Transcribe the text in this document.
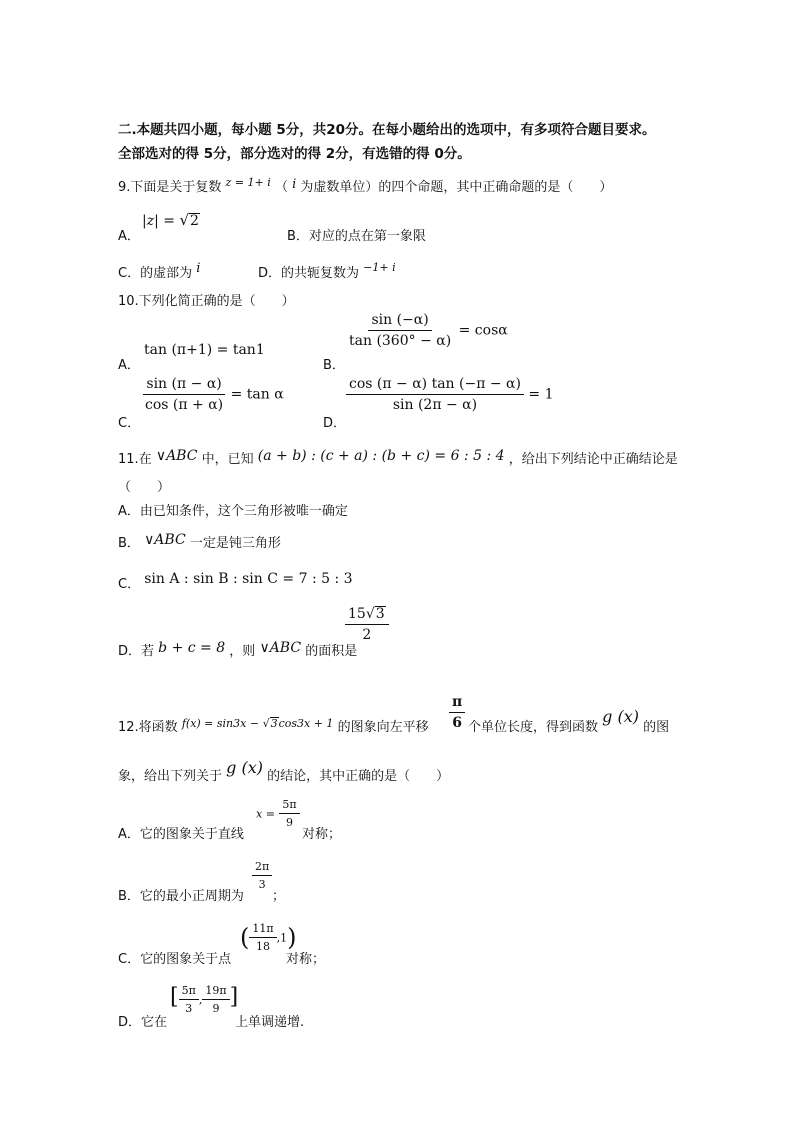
二.本题共四小题，每小题 5分，共20分。在每小题给出的选项中，有多项符合题目要求。
全部选对的得 5分，部分选对的得 2分，有选错的得 0分。
9.下面是关于复数 $^{z = 1+ i}$ （ i 为虚数单位）的四个命题，其中正确命题的是（　　）
A．
|z| = √2
B．对应的点在第一象限
C．的虚部为 i	D．的共轭复数为 $^{-1+ i}$
10.下列化简正确的是（　　）
A．
tan (π+1) = tan1
B．
$\frac{\sin (-\alpha)}{\tan (360^\circ - \alpha)} = \cos\alpha$
C．
$\frac{\sin (\pi - \alpha)}{\cos (\pi + \alpha)} = \tan \alpha$
D．
$\frac{\cos (\pi - \alpha) \tan (-\pi - \alpha)}{\sin (2\pi - \alpha)} = 1$
11.在 ∨ABC 中，已知 (a + b) : (c + a) : (b + c) = 6 : 5 : 4 ，给出下列结论中正确结论是
（　　）
A．由已知条件，这个三角形被唯一确定
B． ∨ABC 一定是钝三角形
C． sin A : sin B : sin C = 7 : 5 : 3
D．若 b + c = 8 ，则 ∨ABC 的面积是
$\frac{15√3}{2}$
12.将函数 $^{f(x) = sin3x - √3cos3x + 1}$ 的图象向左平移 $\frac{\pi}{6}$ 个单位长度，得到函数 g (x) 的图
象，给出下列关于 g (x) 的结论，其中正确的是（　　）
A．它的图象关于直线
$x = \frac{5\pi}{9}$
对称；
B．它的最小正周期为
$\frac{2\pi}{3}$
；
C．它的图象关于点
( $\frac{11\pi}{18} ,1$)
对称；
D．它在
[ $\frac{5\pi}{3}$ , $\frac{19\pi}{9}$ ]
上单调递增.
